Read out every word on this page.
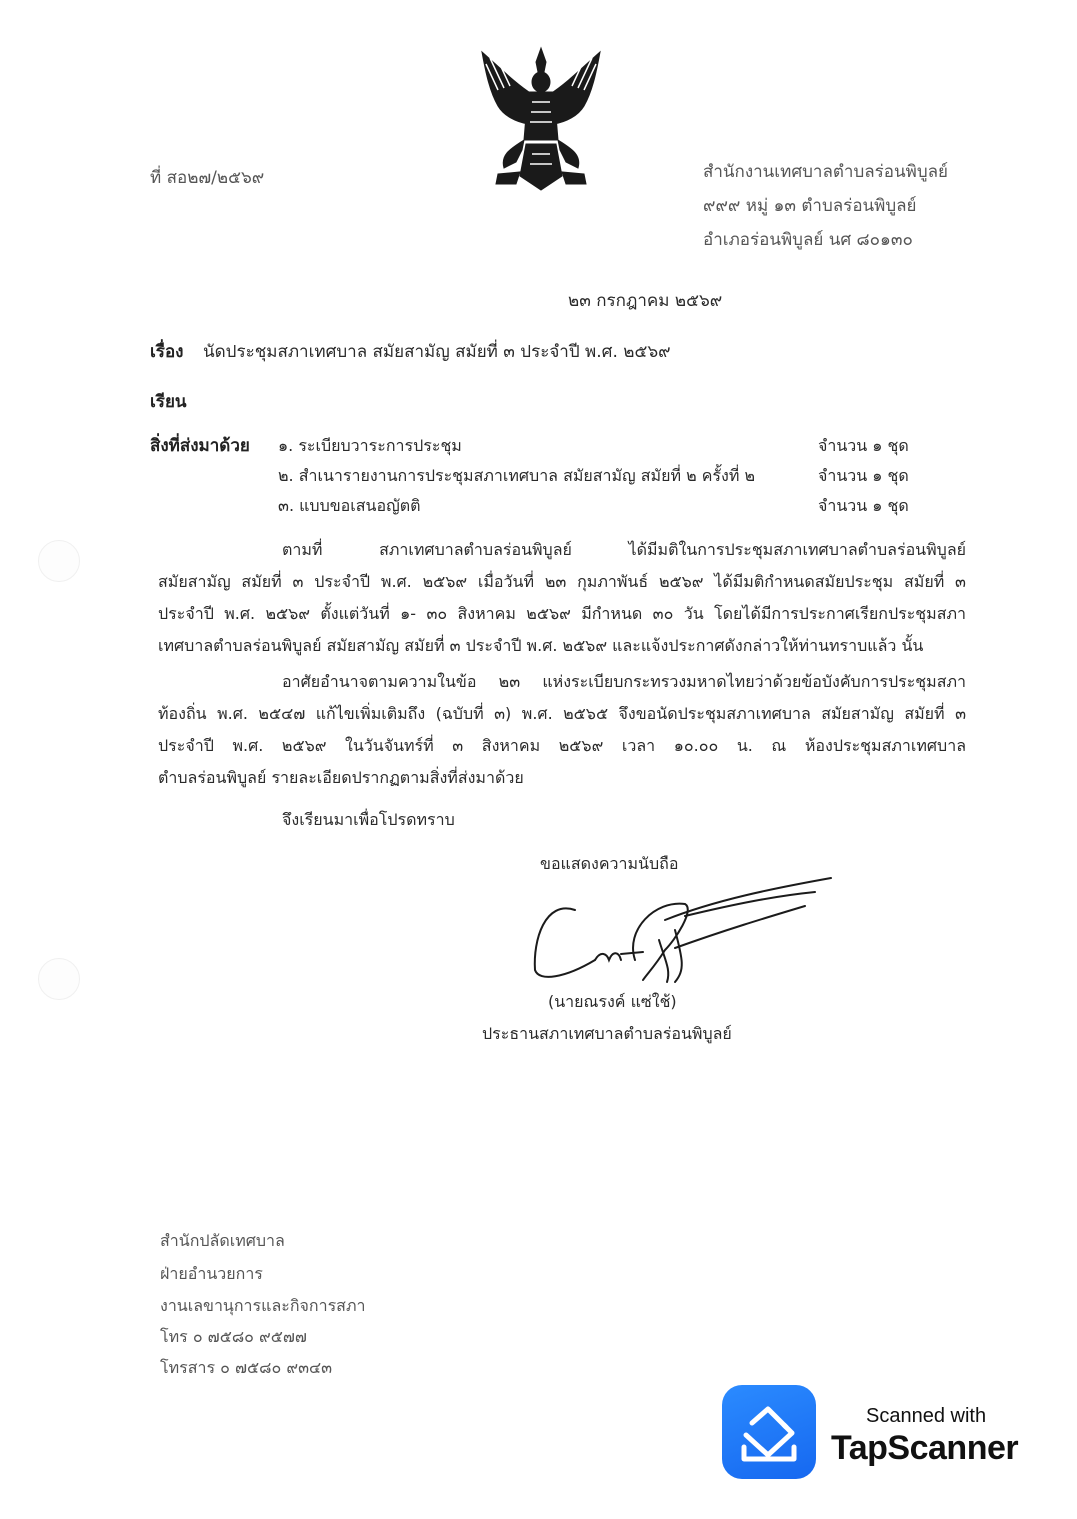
ที่ สอ๒๗/๒๕๖๙	สำนักงานเทศบาลตำบลร่อนพิบูลย์
๙๙๙ หมู่ ๑๓ ตำบลร่อนพิบูลย์
อำเภอร่อนพิบูลย์ นศ ๘๐๑๓๐
๒๓ กรกฎาคม ๒๕๖๙
เรื่อง นัดประชุมสภาเทศบาล สมัยสามัญ สมัยที่ ๓ ประจำปี พ.ศ. ๒๕๖๙
เรียน
สิ่งที่ส่งมาด้วย ๑. ระเบียบวาระการประชุม	จำนวน ๑ ชุด
๒. สำเนารายงานการประชุมสภาเทศบาล สมัยสามัญ สมัยที่ ๒ ครั้งที่ ๒	จำนวน ๑ ชุด
๓. แบบขอเสนอญัตติ	จำนวน ๑ ชุด
ตามที่ สภาเทศบาลตำบลร่อนพิบูลย์ ได้มีมติในการประชุมสภาเทศบาลตำบลร่อนพิบูลย์
สมัยสามัญ สมัยที่ ๓ ประจำปี พ.ศ. ๒๕๖๙ เมื่อวันที่ ๒๓ กุมภาพันธ์ ๒๕๖๙ ได้มีมติกำหนดสมัยประชุม สมัยที่ ๓
ประจำปี พ.ศ. ๒๕๖๙ ตั้งแต่วันที่ ๑- ๓๐ สิงหาคม ๒๕๖๙ มีกำหนด ๓๐ วัน โดยได้มีการประกาศเรียกประชุมสภา
เทศบาลตำบลร่อนพิบูลย์ สมัยสามัญ สมัยที่ ๓ ประจำปี พ.ศ. ๒๕๖๙ และแจ้งประกาศดังกล่าวให้ท่านทราบแล้ว นั้น
อาศัยอำนาจตามความในข้อ ๒๓ แห่งระเบียบกระทรวงมหาดไทยว่าด้วยข้อบังคับการประชุมสภา
ท้องถิ่น พ.ศ. ๒๕๔๗ แก้ไขเพิ่มเติมถึง (ฉบับที่ ๓) พ.ศ. ๒๕๖๕ จึงขอนัดประชุมสภาเทศบาล สมัยสามัญ สมัยที่ ๓
ประจำปี พ.ศ. ๒๕๖๙ ในวันจันทร์ที่ ๓ สิงหาคม ๒๕๖๙ เวลา ๑๐.๐๐ น. ณ ห้องประชุมสภาเทศบาล
ตำบลร่อนพิบูลย์ รายละเอียดปรากฏตามสิ่งที่ส่งมาด้วย
จึงเรียนมาเพื่อโปรดทราบ
ขอแสดงความนับถือ
(นายณรงค์ แซ่ใช้)
ประธานสภาเทศบาลตำบลร่อนพิบูลย์
สำนักปลัดเทศบาล
ฝ่ายอำนวยการ
งานเลขานุการและกิจการสภา
โทร ๐ ๗๕๘๐ ๙๕๗๗
โทรสาร ๐ ๗๕๘๐ ๙๓๔๓
Scanned with
TapScanner
